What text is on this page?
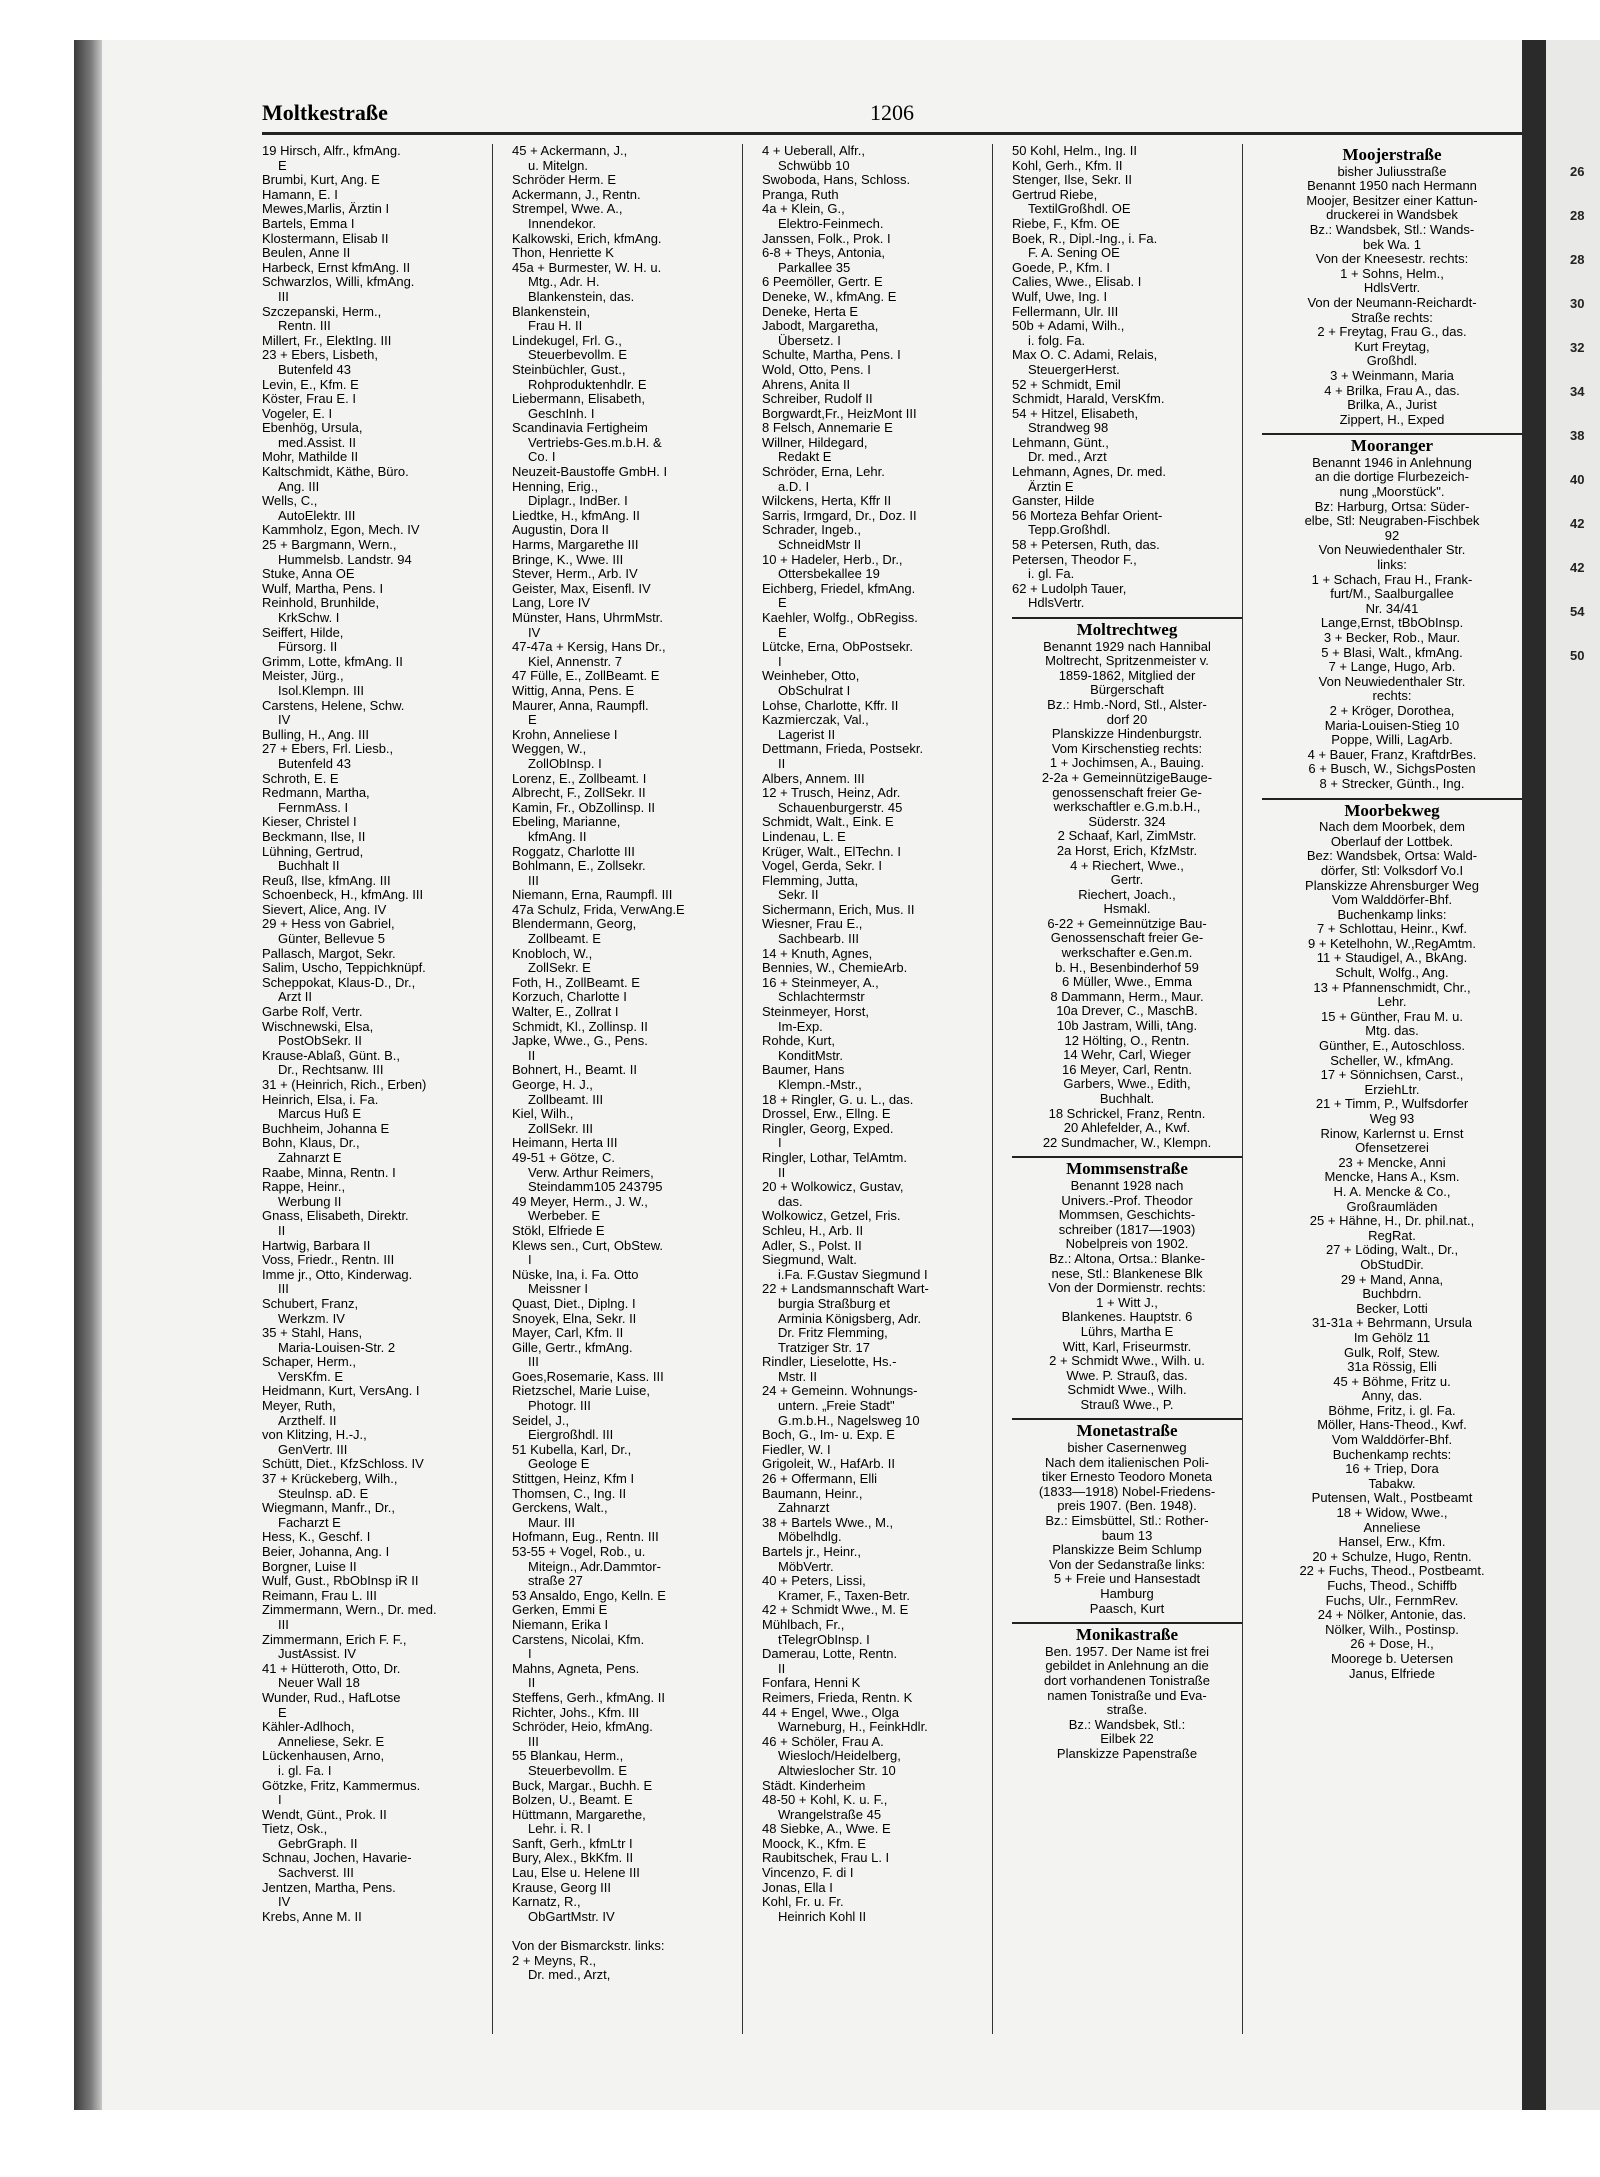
26
28
28
30
32
34
38
40
42
42
54
50
Moltkestraße	1206
19 Hirsch, Alfr., kfmAng.
E
Brumbi, Kurt, Ang. E
Hamann, E. I
Mewes,Marlis, Ärztin I
Bartels, Emma I
Klostermann, Elisab II
Beulen, Anne II
Harbeck, Ernst kfmAng. II
Schwarzlos, Willi, kfmAng.
III
Szczepanski, Herm.,
Rentn. III
Millert, Fr., ElektIng. III
23 + Ebers, Lisbeth,
Butenfeld 43
Levin, E., Kfm. E
Köster, Frau E. I
Vogeler, E. I
Ebenhög, Ursula,
med.Assist. II
Mohr, Mathilde II
Kaltschmidt, Käthe, Büro.
Ang. III
Wells, C.,
AutoElektr. III
Kammholz, Egon, Mech. IV
25 + Bargmann, Wern.,
Hummelsb. Landstr. 94
Stuke, Anna OE
Wulf, Martha, Pens. I
Reinhold, Brunhilde,
KrkSchw. I
Seiffert, Hilde,
Fürsorg. II
Grimm, Lotte, kfmAng. II
Meister, Jürg.,
Isol.Klempn. III
Carstens, Helene, Schw.
IV
Bulling, H., Ang. III
27 + Ebers, Frl. Liesb.,
Butenfeld 43
Schroth, E. E
Redmann, Martha,
FernmAss. I
Kieser, Christel I
Beckmann, Ilse, II
Lühning, Gertrud,
Buchhalt II
Reuß, Ilse, kfmAng. III
Schoenbeck, H., kfmAng. III
Sievert, Alice, Ang. IV
29 + Hess von Gabriel,
Günter, Bellevue 5
Pallasch, Margot, Sekr.
Salim, Uscho, Teppichknüpf.
Scheppokat, Klaus-D., Dr.,
Arzt II
Garbe Rolf, Vertr.
Wischnewski, Elsa,
PostObSekr. II
Krause-Ablaß, Günt. B.,
Dr., Rechtsanw. III
31 + (Heinrich, Rich., Erben)
Heinrich, Elsa, i. Fa.
Marcus Huß E
Buchheim, Johanna E
Bohn, Klaus, Dr.,
Zahnarzt E
Raabe, Minna, Rentn. I
Rappe, Heinr.,
Werbung II
Gnass, Elisabeth, Direktr.
II
Hartwig, Barbara II
Voss, Friedr., Rentn. III
Imme jr., Otto, Kinderwag.
III
Schubert, Franz,
Werkzm. IV
35 + Stahl, Hans,
Maria-Louisen-Str. 2
Schaper, Herm.,
VersKfm. E
Heidmann, Kurt, VersAng. I
Meyer, Ruth,
Arzthelf. II
von Klitzing, H.-J.,
GenVertr. III
Schütt, Diet., KfzSchloss. IV
37 + Krückeberg, Wilh.,
Steulnsp. aD. E
Wiegmann, Manfr., Dr.,
Facharzt E
Hess, K., Geschf. I
Beier, Johanna, Ang. I
Borgner, Luise II
Wulf, Gust., RbObInsp iR II
Reimann, Frau L. III
Zimmermann, Wern., Dr. med.
III
Zimmermann, Erich F. F.,
JustAssist. IV
41 + Hütteroth, Otto, Dr.
Neuer Wall 18
Wunder, Rud., HafLotse
E
Kähler-Adlhoch,
Anneliese, Sekr. E
Lückenhausen, Arno,
i. gl. Fa. I
Götzke, Fritz, Kammermus.
I
Wendt, Günt., Prok. II
Tietz, Osk.,
GebrGraph. II
Schnau, Jochen, Havarie-
Sachverst. III
Jentzen, Martha, Pens.
IV
Krebs, Anne M. II
45 + Ackermann, J.,
u. Mitelgn.
Schröder Herm. E
Ackermann, J., Rentn.
Strempel, Wwe. A.,
Innendekor.
Kalkowski, Erich, kfmAng.
Thon, Henriette K
45a + Burmester, W. H. u.
Mtg., Adr. H.
Blankenstein, das.
Blankenstein,
Frau H. II
Lindekugel, Frl. G.,
Steuerbevollm. E
Steinbüchler, Gust.,
Rohproduktenhdlr. E
Liebermann, Elisabeth,
GeschInh. I
Scandinavia Fertigheim
Vertriebs-Ges.m.b.H. &
Co. I
Neuzeit-Baustoffe GmbH. I
Henning, Erig.,
Diplagr., IndBer. I
Liedtke, H., kfmAng. II
Augustin, Dora II
Harms, Margarethe III
Bringe, K., Wwe. III
Stever, Herm., Arb. IV
Geister, Max, Eisenfl. IV
Lang, Lore IV
Münster, Hans, UhrmMstr.
IV
47-47a + Kersig, Hans Dr.,
Kiel, Annenstr. 7
47 Fülle, E., ZollBeamt. E
Wittig, Anna, Pens. E
Maurer, Anna, Raumpfl.
E
Krohn, Anneliese I
Weggen, W.,
ZollObInsp. I
Lorenz, E., Zollbeamt. I
Albrecht, F., ZollSekr. II
Kamin, Fr., ObZollinsp. II
Ebeling, Marianne,
kfmAng. II
Roggatz, Charlotte III
Bohlmann, E., Zollsekr.
III
Niemann, Erna, Raumpfl. III
47a Schulz, Frida, VerwAng.E
Blendermann, Georg,
Zollbeamt. E
Knobloch, W.,
ZollSekr. E
Foth, H., ZollBeamt. E
Korzuch, Charlotte I
Walter, E., Zollrat I
Schmidt, Kl., Zollinsp. II
Japke, Wwe., G., Pens.
II
Bohnert, H., Beamt. II
George, H. J.,
Zollbeamt. III
Kiel, Wilh.,
ZollSekr. III
Heimann, Herta III
49-51 + Götze, C.
Verw. Arthur Reimers,
Steindamm105 243795
49 Meyer, Herm., J. W.,
Werbeber. E
Stökl, Elfriede E
Klews sen., Curt, ObStew.
I
Nüske, Ina, i. Fa. Otto
Meissner I
Quast, Diet., Diplng. I
Snoyek, Elna, Sekr. II
Mayer, Carl, Kfm. II
Gille, Gertr., kfmAng.
III
Goes,Rosemarie, Kass. III
Rietzschel, Marie Luise,
Photogr. III
Seidel, J.,
Eiergroßhdl. III
51 Kubella, Karl, Dr.,
Geologe E
Stittgen, Heinz, Kfm I
Thomsen, C., Ing. II
Gerckens, Walt.,
Maur. III
Hofmann, Eug., Rentn. III
53-55 + Vogel, Rob., u.
Miteign., Adr.Dammtor-
straße 27
53 Ansaldo, Engo, Kelln. E
Gerken, Emmi E
Niemann, Erika I
Carstens, Nicolai, Kfm.
I
Mahns, Agneta, Pens.
II
Steffens, Gerh., kfmAng. II
Richter, Johs., Kfm. III
Schröder, Heio, kfmAng.
III
55 Blankau, Herm.,
Steuerbevollm. E
Buck, Margar., Buchh. E
Bolzen, U., Beamt. E
Hüttmann, Margarethe,
Lehr. i. R. I
Sanft, Gerh., kfmLtr I
Bury, Alex., BkKfm. II
Lau, Else u. Helene III
Krause, Georg III
Karnatz, R.,
ObGartMstr. IV

Von der Bismarckstr. links:
2 + Meyns, R.,
Dr. med., Arzt,
4 + Ueberall, Alfr.,
Schwübb 10
Swoboda, Hans, Schloss.
Pranga, Ruth
4a + Klein, G.,
Elektro-Feinmech.
Janssen, Folk., Prok. I
6-8 + Theys, Antonia,
Parkallee 35
6 Peemöller, Gertr. E
Deneke, W., kfmAng. E
Deneke, Herta E
Jabodt, Margaretha,
Übersetz. I
Schulte, Martha, Pens. I
Wold, Otto, Pens. I
Ahrens, Anita II
Schreiber, Rudolf II
Borgwardt,Fr., HeizMont III
8 Felsch, Annemarie E
Willner, Hildegard,
Redakt E
Schröder, Erna, Lehr.
a.D. I
Wilckens, Herta, Kffr II
Sarris, Irmgard, Dr., Doz. II
Schrader, Ingeb.,
SchneidMstr II
10 + Hadeler, Herb., Dr.,
Ottersbekallee 19
Eichberg, Friedel, kfmAng.
E
Kaehler, Wolfg., ObRegiss.
E
Lütcke, Erna, ObPostsekr.
I
Weinheber, Otto,
ObSchulrat I
Lohse, Charlotte, Kffr. II
Kazmierczak, Val.,
Lagerist II
Dettmann, Frieda, Postsekr.
II
Albers, Annem. III
12 + Trusch, Heinz, Adr.
Schauenburgerstr. 45
Schmidt, Walt., Eink. E
Lindenau, L. E
Krüger, Walt., ElTechn. I
Vogel, Gerda, Sekr. I
Flemming, Jutta,
Sekr. II
Sichermann, Erich, Mus. II
Wiesner, Frau E.,
Sachbearb. III
14 + Knuth, Agnes,
Bennies, W., ChemieArb.
16 + Steinmeyer, A.,
Schlachtermstr
Steinmeyer, Horst,
Im-Exp.
Rohde, Kurt,
KonditMstr.
Baumer, Hans
Klempn.-Mstr.,
18 + Ringler, G. u. L., das.
Drossel, Erw., Ellng. E
Ringler, Georg, Exped.
I
Ringler, Lothar, TelAmtm.
II
20 + Wolkowicz, Gustav,
das.
Wolkowicz, Getzel, Fris.
Schleu, H., Arb. II
Adler, S., Polst. II
Siegmund, Walt.
i.Fa. F.Gustav Siegmund I
22 + Landsmannschaft Wart-
burgia Straßburg et
Arminia Königsberg, Adr.
Dr. Fritz Flemming,
Tratziger Str. 17
Rindler, Lieselotte, Hs.-
Mstr. II
24 + Gemeinn. Wohnungs-
untern. „Freie Stadt"
G.m.b.H., Nagelsweg 10
Boch, G., Im- u. Exp. E
Fiedler, W. I
Grigoleit, W., HafArb. II
26 + Offermann, Elli
Baumann, Heinr.,
Zahnarzt
38 + Bartels Wwe., M.,
Möbelhdlg.
Bartels jr., Heinr.,
MöbVertr.
40 + Peters, Lissi,
Kramer, F., Taxen-Betr.
42 + Schmidt Wwe., M. E
Mühlbach, Fr.,
tTelegrObInsp. I
Damerau, Lotte, Rentn.
II
Fonfara, Henni K
Reimers, Frieda, Rentn. K
44 + Engel, Wwe., Olga
Warneburg, H., FeinkHdlr.
46 + Schöler, Frau A.
Wiesloch/Heidelberg,
Altwieslocher Str. 10
Städt. Kinderheim
48-50 + Kohl, K. u. F.,
Wrangelstraße 45
48 Siebke, A., Wwe. E
Moock, K., Kfm. E
Raubitschek, Frau L. I
Vincenzo, F. di I
Jonas, Ella I
Kohl, Fr. u. Fr.
Heinrich Kohl II
50 Kohl, Helm., Ing. II
Kohl, Gerh., Kfm. II
Stenger, Ilse, Sekr. II
Gertrud Riebe,
TextilGroßhdl. OE
Riebe, F., Kfm. OE
Boek, R., Dipl.-Ing., i. Fa.
F. A. Sening OE
Goede, P., Kfm. I
Calies, Wwe., Elisab. I
Wulf, Uwe, Ing. I
Fellermann, Ulr. III
50b + Adami, Wilh.,
i. folg. Fa.
Max O. C. Adami, Relais,
SteuergerHerst.
52 + Schmidt, Emil
Schmidt, Harald, VersKfm.
54 + Hitzel, Elisabeth,
Strandweg 98
Lehmann, Günt.,
Dr. med., Arzt
Lehmann, Agnes, Dr. med.
Ärztin E
Ganster, Hilde
56 Morteza Behfar Orient-
Tepp.Großhdl.
58 + Petersen, Ruth, das.
Petersen, Theodor F.,
i. gl. Fa.
62 + Ludolph Tauer,
HdlsVertr.
Moltrechtweg
Benannt 1929 nach Hannibal
Moltrecht, Spritzenmeister v.
1859-1862, Mitglied der
Bürgerschaft
Bz.: Hmb.-Nord, Stl., Alster-
dorf 20
Planskizze Hindenburgstr.
Vom Kirschenstieg rechts:
1 + Jochimsen, A., Bauing.
2-2a + GemeinnützigeBauge-
genossenschaft freier Ge-
werkschaftler e.G.m.b.H.,
Süderstr. 324
2 Schaaf, Karl, ZimMstr.
2a Horst, Erich, KfzMstr.
4 + Riechert, Wwe.,
Gertr.
Riechert, Joach.,
Hsmakl.
6-22 + Gemeinnützige Bau-
Genossenschaft freier Ge-
werkschafter e.Gen.m.
b. H., Besenbinderhof 59
6 Müller, Wwe., Emma
8 Dammann, Herm., Maur.
10a Drever, C., MaschB.
10b Jastram, Willi, tAng.
12 Hölting, O., Rentn.
14 Wehr, Carl, Wieger
16 Meyer, Carl, Rentn.
Garbers, Wwe., Edith,
Buchhalt.
18 Schrickel, Franz, Rentn.
20 Ahlefelder, A., Kwf.
22 Sundmacher, W., Klempn.
Mommsenstraße
Benannt 1928 nach
Univers.-Prof. Theodor
Mommsen, Geschichts-
schreiber (1817—1903)
Nobelpreis von 1902.
Bz.: Altona, Ortsa.: Blanke-
nese, Stl.: Blankenese Blk
Von der Dormienstr. rechts:
1 + Witt J.,
Blankenes. Hauptstr. 6
Lührs, Martha E
Witt, Karl, Friseurmstr.
2 + Schmidt Wwe., Wilh. u.
Wwe. P. Strauß, das.
Schmidt Wwe., Wilh.
Strauß Wwe., P.
Monetastraße
bisher Casernenweg
Nach dem italienischen Poli-
tiker Ernesto Teodoro Moneta
(1833—1918) Nobel-Friedens-
preis 1907. (Ben. 1948).
Bz.: Eimsbüttel, Stl.: Rother-
baum 13
Planskizze Beim Schlump
Von der Sedanstraße links:
5 + Freie und Hansestadt
Hamburg
Paasch, Kurt
Monikastraße
Ben. 1957. Der Name ist frei
gebildet in Anlehnung an die
dort vorhandenen Tonistraße
namen Tonistraße und Eva-
straße.
Bz.: Wandsbek, Stl.:
Eilbek 22
Planskizze Papenstraße
Moojerstraße
bisher Juliusstraße
Benannt 1950 nach Hermann
Moojer, Besitzer einer Kattun-
druckerei in Wandsbek
Bz.: Wandsbek, Stl.: Wands-
bek Wa. 1
Von der Kneesestr. rechts:
1 + Sohns, Helm.,
HdlsVertr.
Von der Neumann-Reichardt-
Straße rechts:
2 + Freytag, Frau G., das.
Kurt Freytag,
Großhdl.
3 + Weinmann, Maria
4 + Brilka, Frau A., das.
Brilka, A., Jurist
Zippert, H., Exped
Mooranger
Benannt 1946 in Anlehnung
an die dortige Flurbezeich-
nung „Moorstück".
Bz: Harburg, Ortsa: Süder-
elbe, Stl: Neugraben-Fischbek
92
Von Neuwiedenthaler Str.
links:
1 + Schach, Frau H., Frank-
furt/M., Saalburgallee
Nr. 34/41
Lange,Ernst, tBbObInsp.
3 + Becker, Rob., Maur.
5 + Blasi, Walt., kfmAng.
7 + Lange, Hugo, Arb.
Von Neuwiedenthaler Str.
rechts:
2 + Kröger, Dorothea,
Maria-Louisen-Stieg 10
Poppe, Willi, LagArb.
4 + Bauer, Franz, KraftdrBes.
6 + Busch, W., SichgsPosten
8 + Strecker, Günth., Ing.
Moorbekweg
Nach dem Moorbek, dem
Oberlauf der Lottbek.
Bez: Wandsbek, Ortsa: Wald-
dörfer, Stl: Volksdorf Vo.I
Planskizze Ahrensburger Weg
Vom Walddörfer-Bhf.
Buchenkamp links:
7 + Schlottau, Heinr., Kwf.
9 + Ketelhohn, W.,RegAmtm.
11 + Staudigel, A., BkAng.
Schult, Wolfg., Ang.
13 + Pfannenschmidt, Chr.,
Lehr.
15 + Günther, Frau M. u.
Mtg. das.
Günther, E., Autoschloss.
Scheller, W., kfmAng.
17 + Sönnichsen, Carst.,
ErziehLtr.
21 + Timm, P., Wulfsdorfer
Weg 93
Rinow, Karlernst u. Ernst
Ofensetzerei
23 + Mencke, Anni
Mencke, Hans A., Ksm.
H. A. Mencke & Co.,
Großraumläden
25 + Hähne, H., Dr. phil.nat.,
RegRat.
27 + Löding, Walt., Dr.,
ObStudDir.
29 + Mand, Anna,
Buchbdrn.
Becker, Lotti
31-31a + Behrmann, Ursula
Im Gehölz 11
Gulk, Rolf, Stew.
31a Rössig, Elli
45 + Böhme, Fritz u.
Anny, das.
Böhme, Fritz, i. gl. Fa.
Möller, Hans-Theod., Kwf.
Vom Walddörfer-Bhf.
Buchenkamp rechts:
16 + Triep, Dora
Tabakw.
Putensen, Walt., Postbeamt
18 + Widow, Wwe.,
Anneliese
Hansel, Erw., Kfm.
20 + Schulze, Hugo, Rentn.
22 + Fuchs, Theod., Postbeamt.
Fuchs, Theod., Schiffb
Fuchs, Ulr., FernmRev.
24 + Nölker, Antonie, das.
Nölker, Wilh., Postinsp.
26 + Dose, H.,
Moorege b. Uetersen
Janus, Elfriede
